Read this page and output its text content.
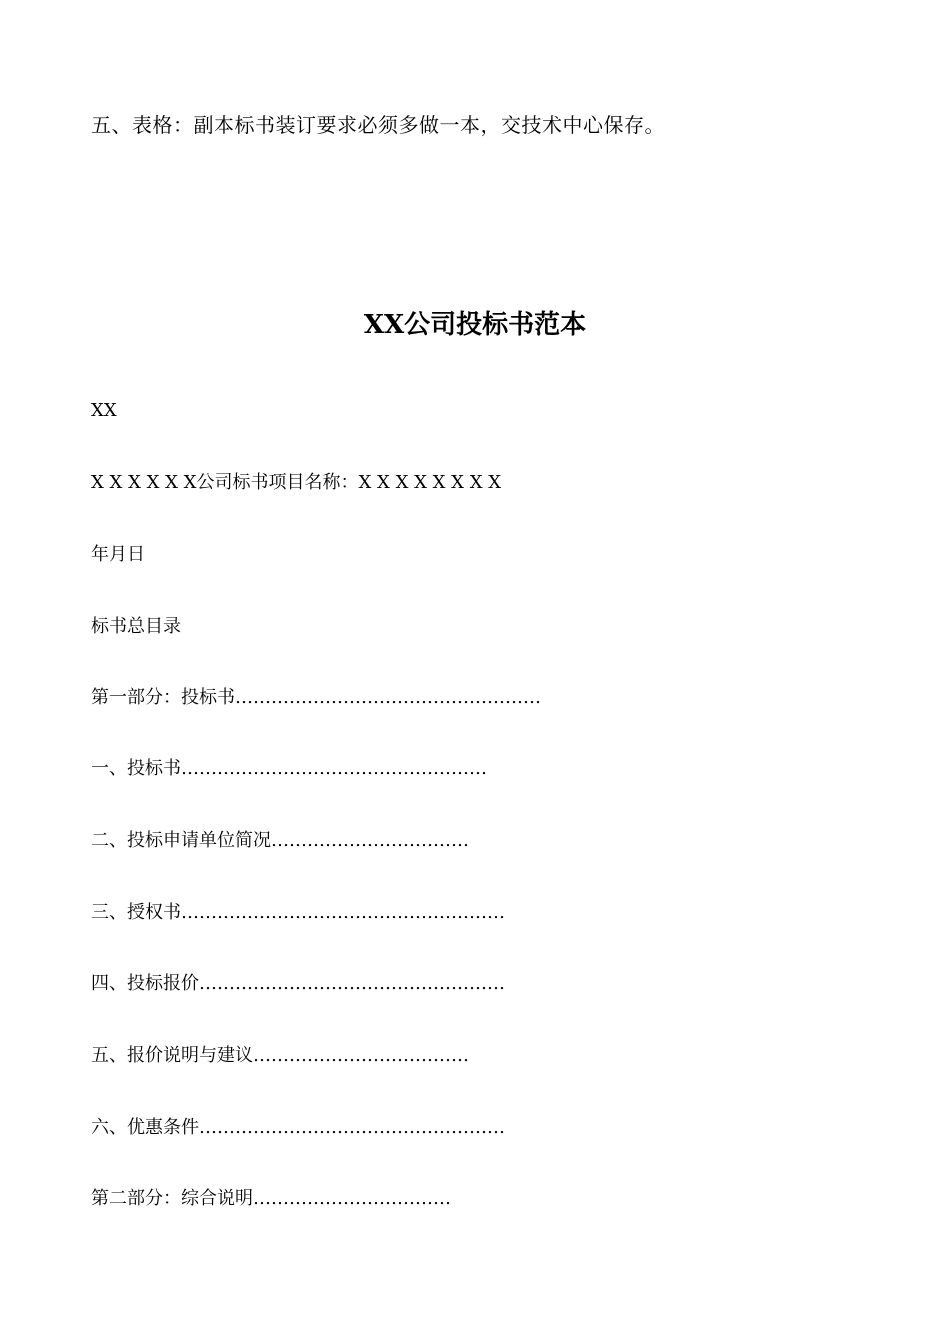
五、表格：副本标书装订要求必须多做一本，交技术中心保存。
XX公司投标书范本
XX
X X X X X X公司标书项目名称：X X X X X X X X
年月日
标书总目录
第一部分：投标书……………………………………………
一、投标书……………………………………………
二、投标申请单位简况……………………………
三、授权书………………………………………………
四、投标报价……………………………………………
五、报价说明与建议………………………………
六、优惠条件……………………………………………
第二部分：综合说明……………………………
